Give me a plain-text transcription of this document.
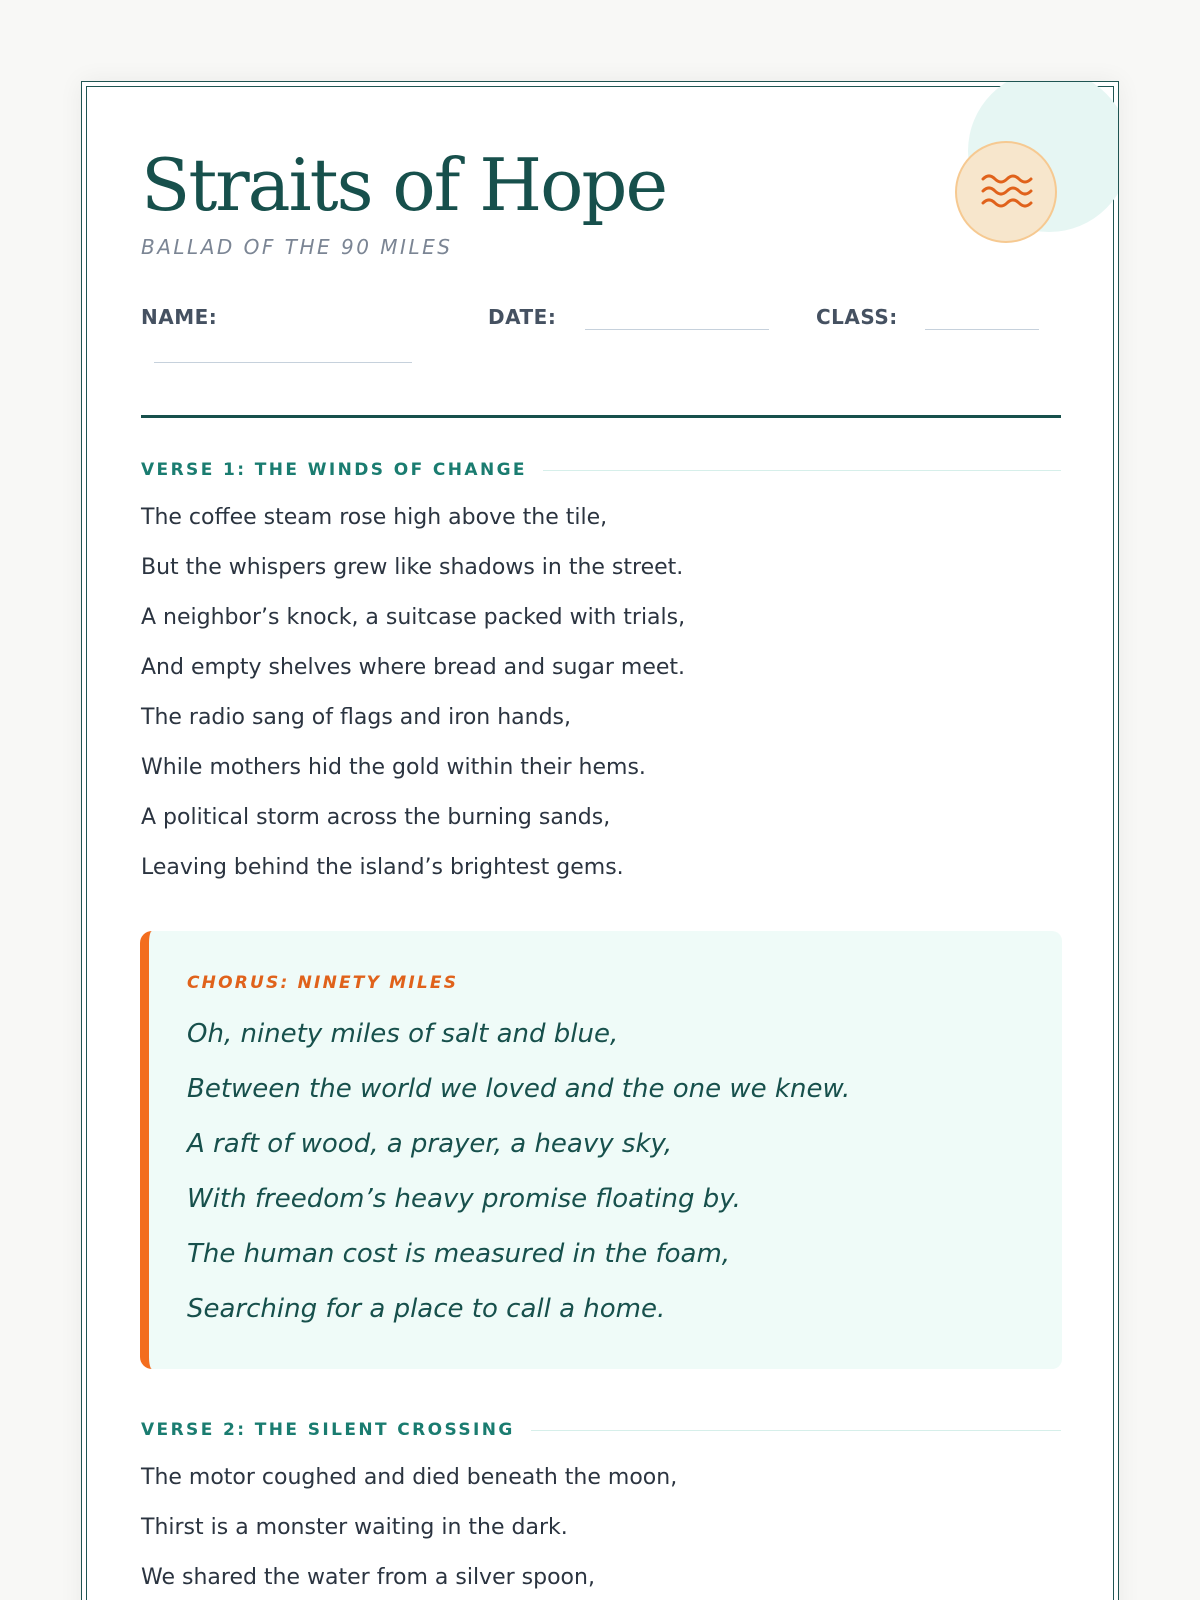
Straits of Hope
BALLAD OF THE 90 MILES
NAME:	DATE:	CLASS:
VERSE 1: THE WINDS OF CHANGE
The coffee steam rose high above the tile,
But the whispers grew like shadows in the street.
A neighbor’s knock, a suitcase packed with trials,
And empty shelves where bread and sugar meet.
The radio sang of flags and iron hands,
While mothers hid the gold within their hems.
A political storm across the burning sands,
Leaving behind the island’s brightest gems.
CHORUS: NINETY MILES
Oh, ninety miles of salt and blue,
Between the world we loved and the one we knew.
A raft of wood, a prayer, a heavy sky,
With freedom’s heavy promise floating by.
The human cost is measured in the foam,
Searching for a place to call a home.
VERSE 2: THE SILENT CROSSING
The motor coughed and died beneath the moon,
Thirst is a monster waiting in the dark.
We shared the water from a silver spoon,
